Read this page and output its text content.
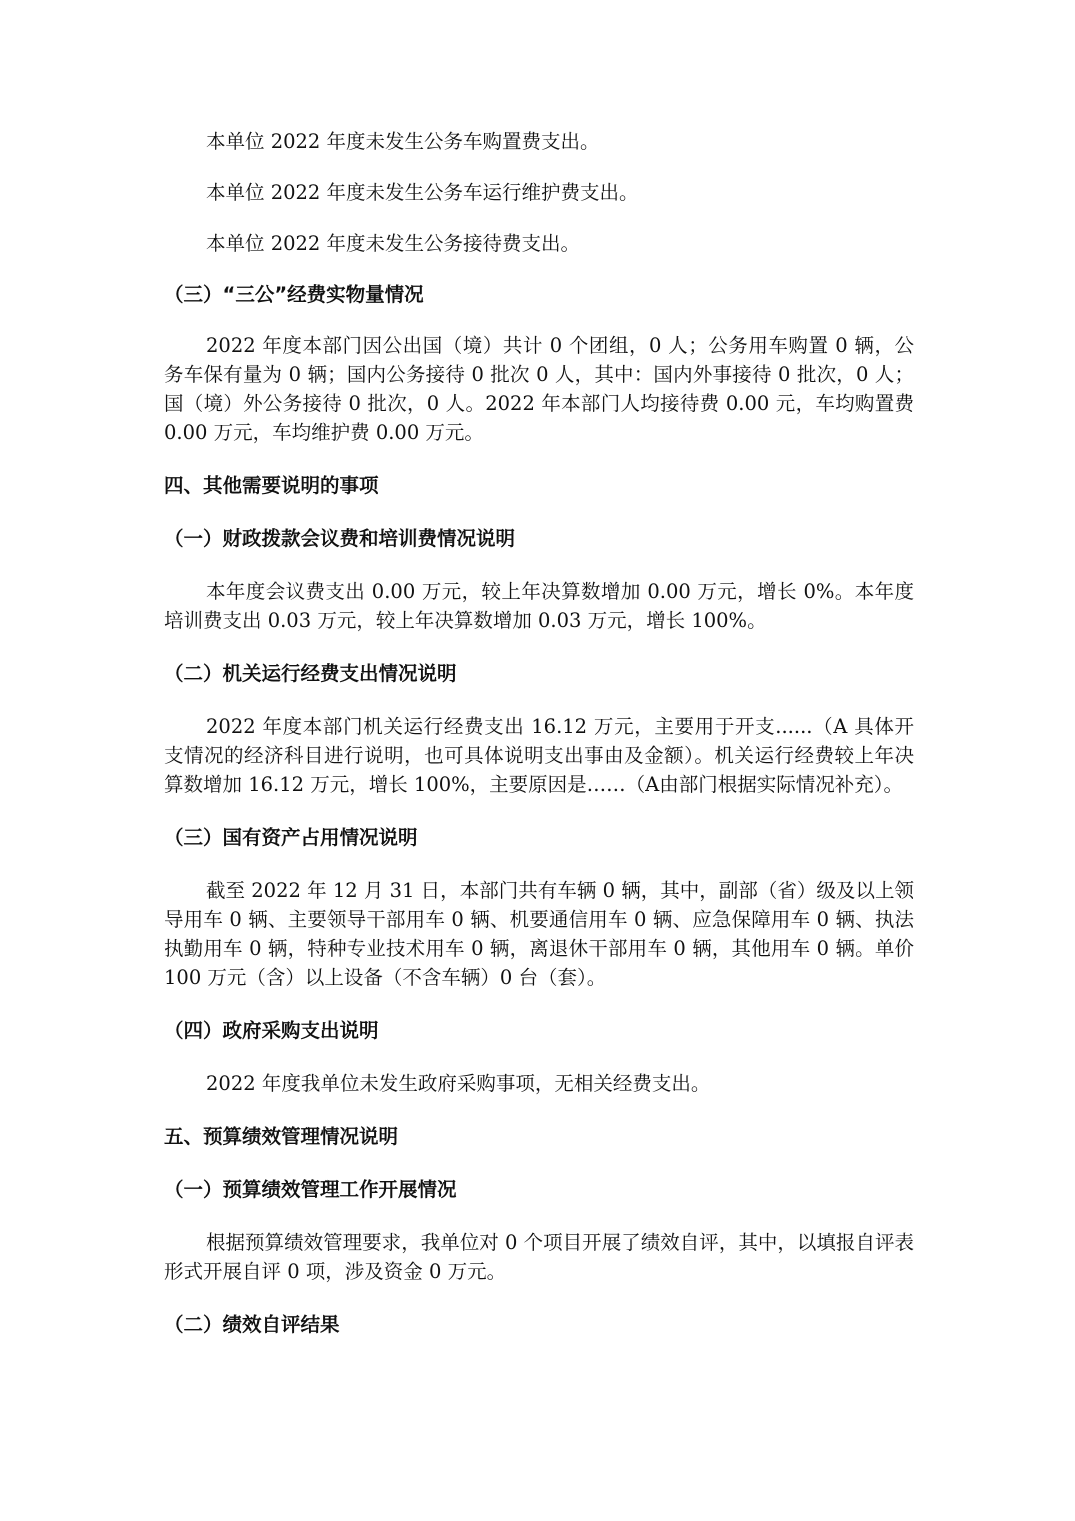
本单位 2022 年度未发生公务车购置费支出。

本单位 2022 年度未发生公务车运行维护费支出。

本单位 2022 年度未发生公务接待费支出。

（三）“三公”经费实物量情况

2022 年度本部门因公出国（境）共计 0 个团组，0 人；公务用车购置 0 辆，公务车保有量为 0 辆；国内公务接待 0 批次 0 人，其中：国内外事接待 0 批次，0 人；国（境）外公务接待 0 批次，0 人。2022 年本部门人均接待费 0.00 元，车均购置费 0.00 万元，车均维护费 0.00 万元。

四、其他需要说明的事项

（一）财政拨款会议费和培训费情况说明

本年度会议费支出 0.00 万元，较上年决算数增加 0.00 万元，增长 0%。本年度培训费支出 0.03 万元，较上年决算数增加 0.03 万元，增长 100%。

（二）机关运行经费支出情况说明

2022 年度本部门机关运行经费支出 16.12 万元，主要用于开支......（A 具体开支情况的经济科目进行说明，也可具体说明支出事由及金额）。机关运行经费较上年决算数增加 16.12 万元，增长 100%，主要原因是……（A由部门根据实际情况补充）。

（三）国有资产占用情况说明

截至 2022 年 12 月 31 日，本部门共有车辆 0 辆，其中，副部（省）级及以上领导用车 0 辆、主要领导干部用车 0 辆、机要通信用车 0 辆、应急保障用车 0 辆、执法执勤用车 0 辆，特种专业技术用车 0 辆，离退休干部用车 0 辆，其他用车 0 辆。单价 100 万元（含）以上设备（不含车辆）0 台（套）。

（四）政府采购支出说明

2022 年度我单位未发生政府采购事项，无相关经费支出。

五、预算绩效管理情况说明

（一）预算绩效管理工作开展情况

根据预算绩效管理要求，我单位对 0 个项目开展了绩效自评，其中，以填报自评表形式开展自评 0 项，涉及资金 0 万元。

（二）绩效自评结果
